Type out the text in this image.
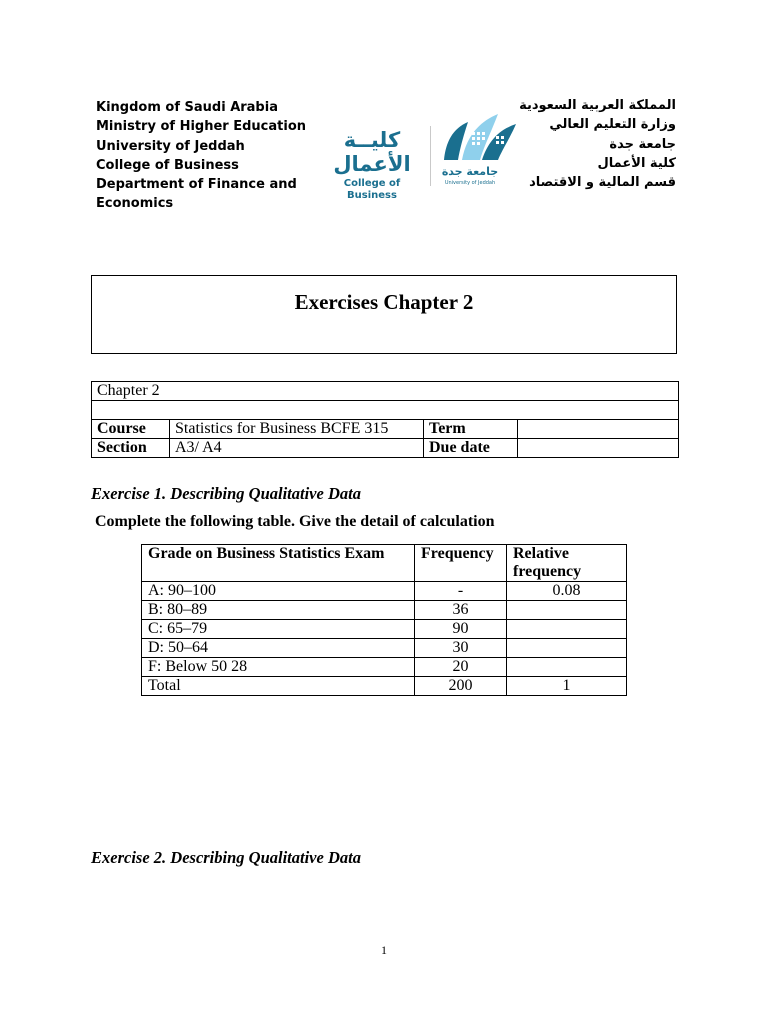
Kingdom of Saudi Arabia
Ministry of Higher Education
University of Jeddah
College of Business
Department of Finance and
Economics
المملكة العربية السعودية
وزارة التعليم العالي
جامعة جدة
كلية الأعمال
قسم المالية و الاقتصاد
كليــة الأعمال
College of Business
جامعة جدة
University of Jeddah
Exercises Chapter 2
Chapter 2			

Course	Statistics for Business BCFE 315	Term	
Section	A3/ A4	Due date	
Exercise 1. Describing Qualitative Data
Complete the following table. Give the detail of calculation
Grade on Business Statistics Exam	Frequency	Relative frequency
A: 90–100	-	0.08
B: 80–89	36	
C: 65–79	90	
D: 50–64	30	
F: Below 50 28	20	
Total	200	1
Exercise 2. Describing Qualitative Data
1
